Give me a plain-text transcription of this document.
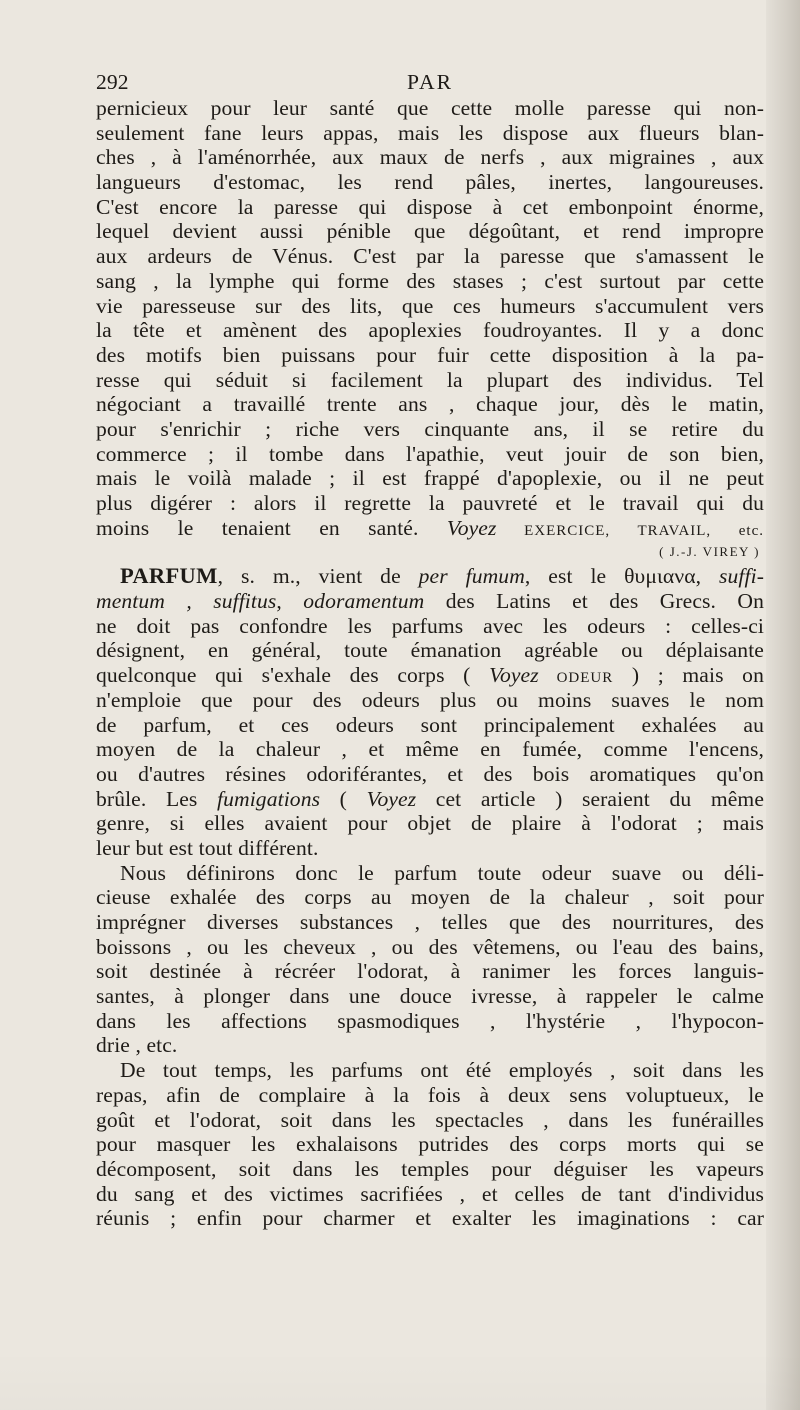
292	PAR
pernicieux pour leur santé que cette molle paresse qui non-
seulement fane leurs appas, mais les dispose aux flueurs blan-
ches , à l'aménorrhée, aux maux de nerfs , aux migraines , aux
langueurs d'estomac, les rend pâles, inertes, langoureuses.
C'est encore la paresse qui dispose à cet embonpoint énorme,
lequel devient aussi pénible que dégoûtant, et rend impropre
aux ardeurs de Vénus. C'est par la paresse que s'amassent le
sang , la lymphe qui forme des stases ; c'est surtout par cette
vie paresseuse sur des lits, que ces humeurs s'accumulent vers
la tête et amènent des apoplexies foudroyantes. Il y a donc
des motifs bien puissans pour fuir cette disposition à la pa-
resse qui séduit si facilement la plupart des individus. Tel
négociant a travaillé trente ans , chaque jour, dès le matin,
pour s'enrichir ; riche vers cinquante ans, il se retire du
commerce ; il tombe dans l'apathie, veut jouir de son bien,
mais le voilà malade ; il est frappé d'apoplexie, ou il ne peut
plus digérer : alors il regrette la pauvreté et le travail qui du
moins le tenaient en santé. Voyez EXERCICE, TRAVAIL, etc.
( J.-J. VIREY )
PARFUM, s. m., vient de per fumum, est le θυμιανα, suffi-
mentum , suffitus, odoramentum des Latins et des Grecs. On
ne doit pas confondre les parfums avec les odeurs : celles-ci
désignent, en général, toute émanation agréable ou déplaisante
quelconque qui s'exhale des corps ( Voyez ODEUR ) ; mais on
n'emploie que pour des odeurs plus ou moins suaves le nom
de parfum, et ces odeurs sont principalement exhalées au
moyen de la chaleur , et même en fumée, comme l'encens,
ou d'autres résines odoriférantes, et des bois aromatiques qu'on
brûle. Les fumigations ( Voyez cet article ) seraient du même
genre, si elles avaient pour objet de plaire à l'odorat ; mais
leur but est tout différent.
Nous définirons donc le parfum toute odeur suave ou déli-
cieuse exhalée des corps au moyen de la chaleur , soit pour
imprégner diverses substances , telles que des nourritures, des
boissons , ou les cheveux , ou des vêtemens, ou l'eau des bains,
soit destinée à récréer l'odorat, à ranimer les forces languis-
santes, à plonger dans une douce ivresse, à rappeler le calme
dans les affections spasmodiques , l'hystérie , l'hypocon-
drie , etc.
De tout temps, les parfums ont été employés , soit dans les
repas, afin de complaire à la fois à deux sens voluptueux, le
goût et l'odorat, soit dans les spectacles , dans les funérailles
pour masquer les exhalaisons putrides des corps morts qui se
décomposent, soit dans les temples pour déguiser les vapeurs
du sang et des victimes sacrifiées , et celles de tant d'individus
réunis ; enfin pour charmer et exalter les imaginations : car
